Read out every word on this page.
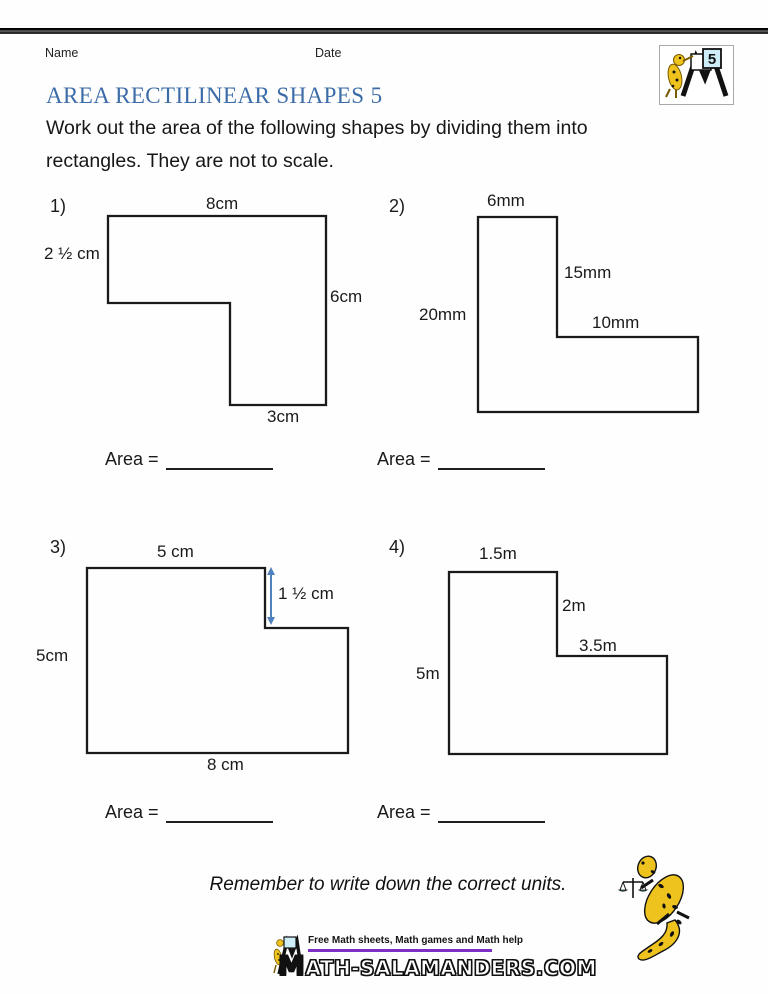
Name	Date	5
AREA RECTILINEAR SHAPES 5
Work out the area of the following shapes by dividing them into
rectangles. They are not to scale.
1)	8cm
2 ½ cm
6cm
3cm
2)	6mm
15mm
20mm	10mm
Area =	Area =
3)	5 cm
1 ½ cm
5cm
8 cm
4)	1.5m
2m
3.5m
5m
Area =	Area =
Remember to write down the correct units.
Free Math sheets, Math games and Math help
MATH-SALAMANDERS.COM
